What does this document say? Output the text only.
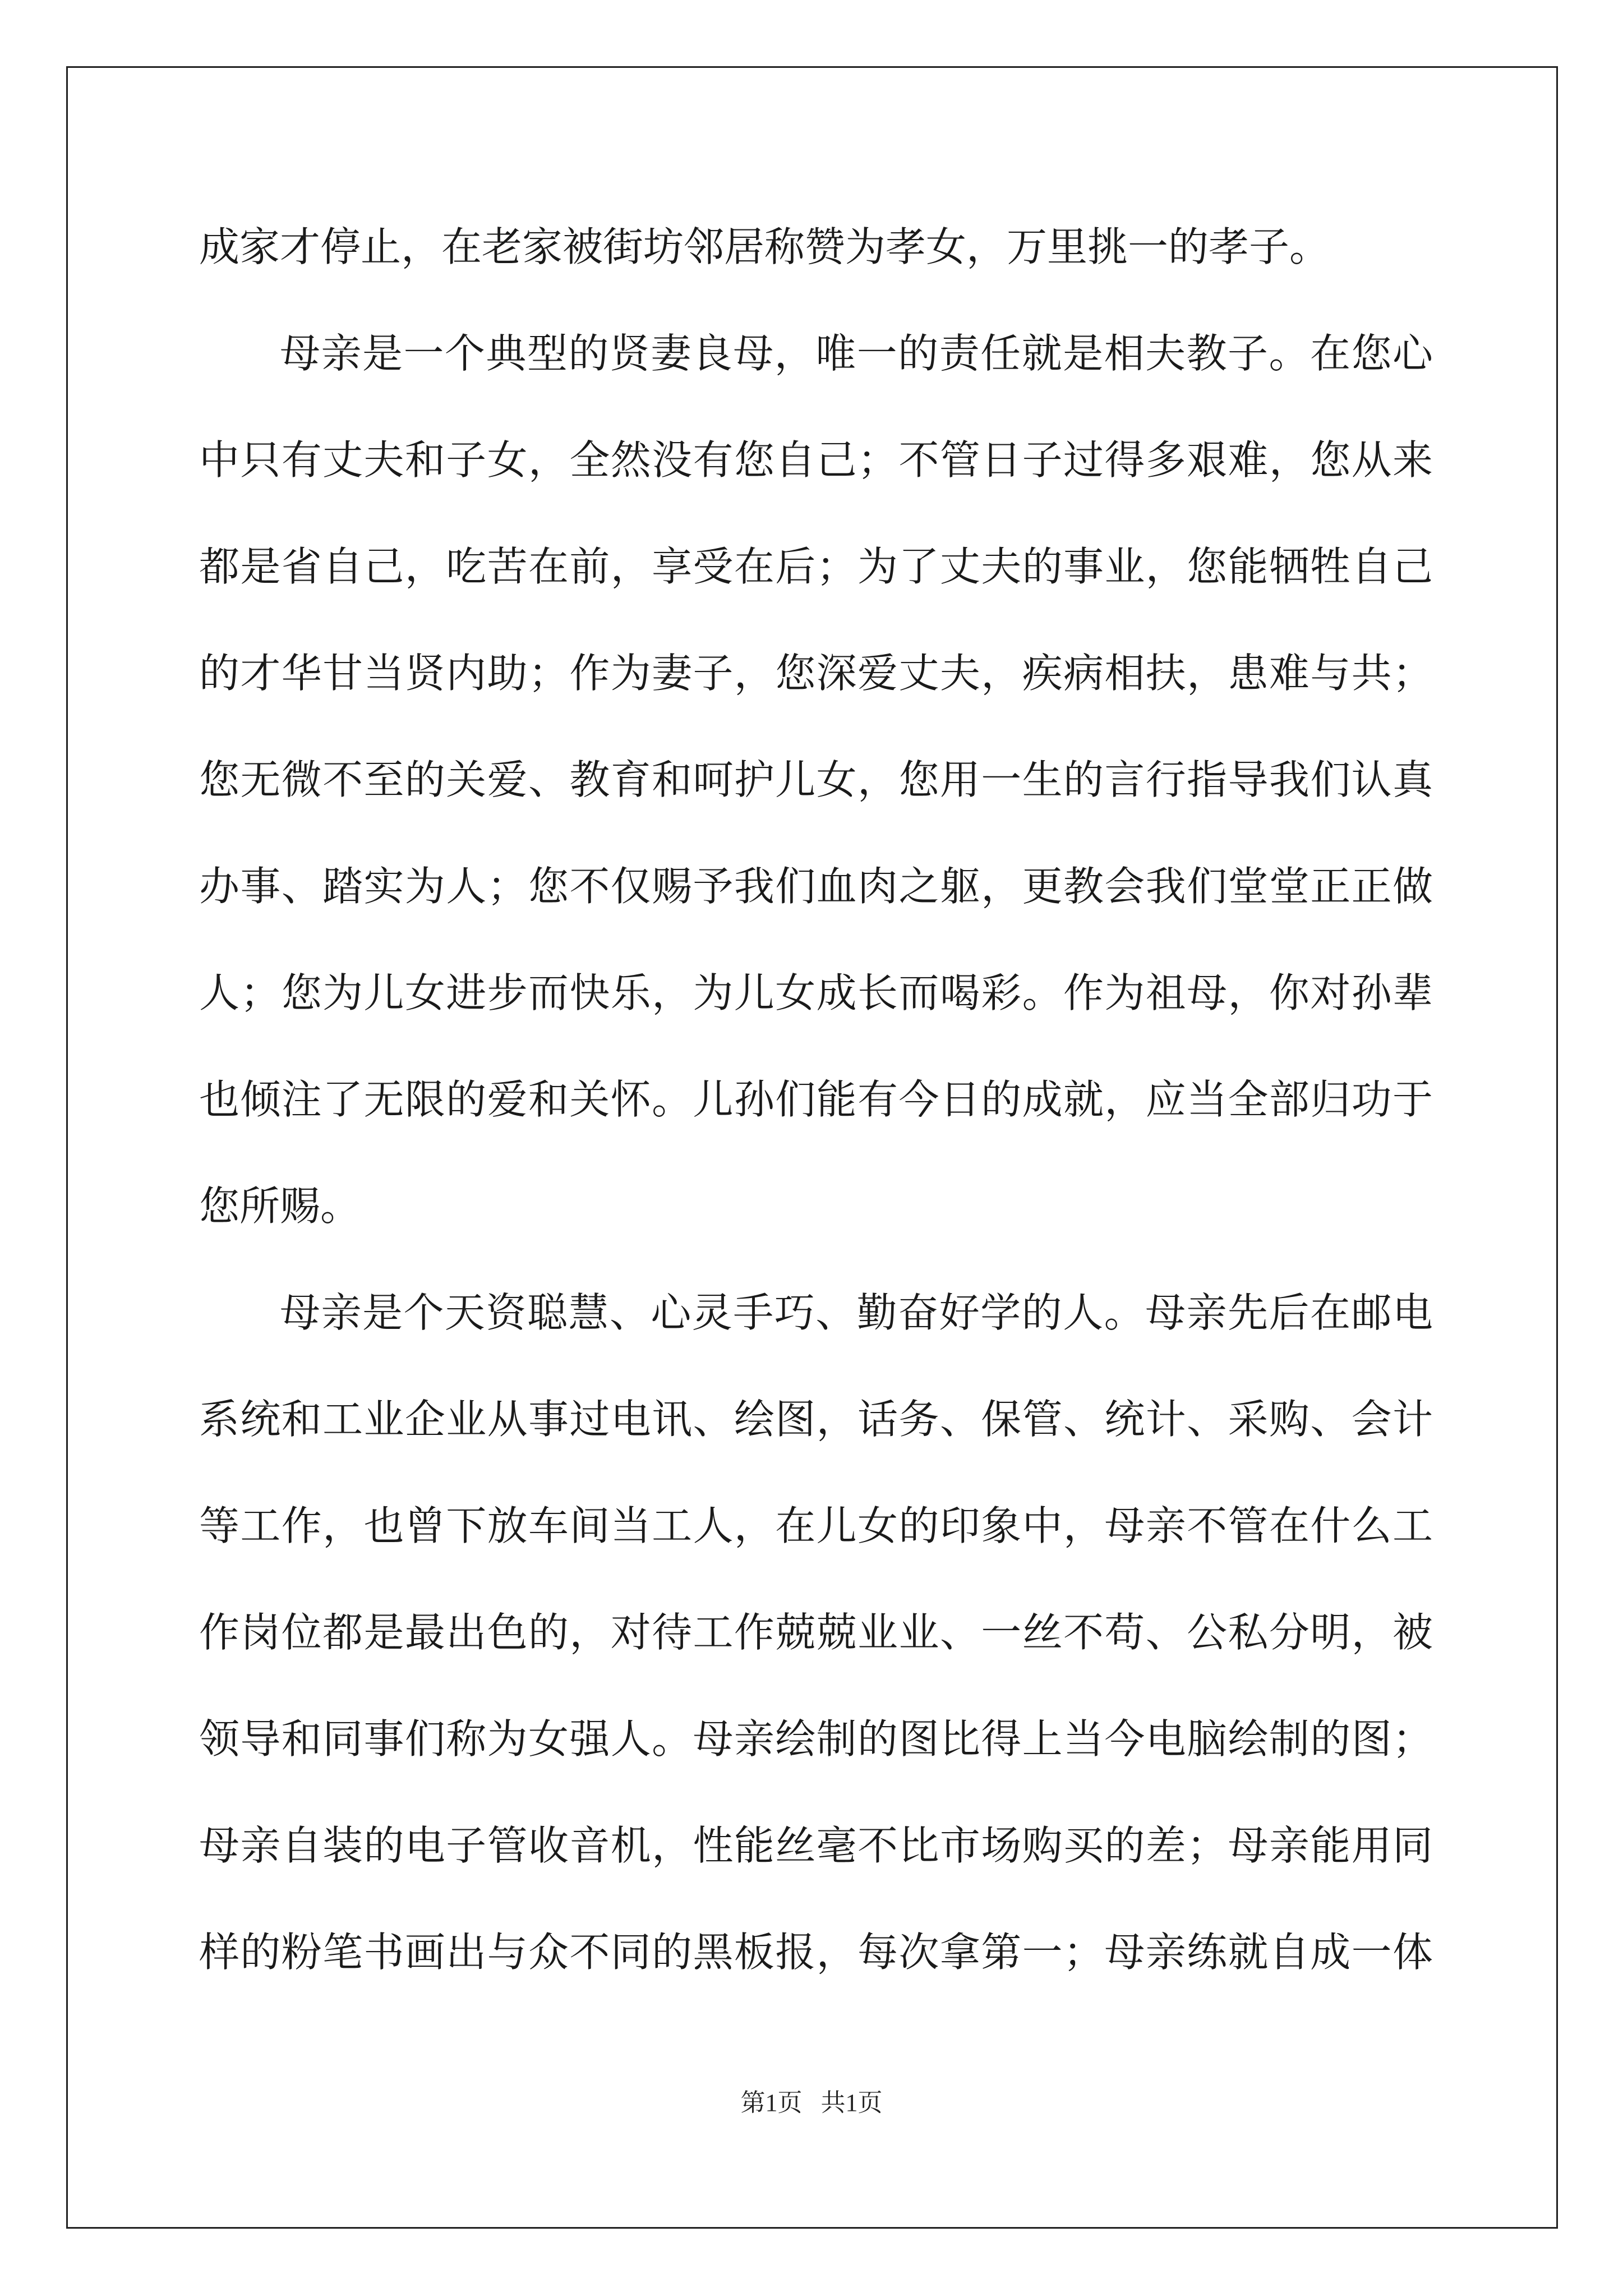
成家才停止，在老家被街坊邻居称赞为孝女，万里挑一的孝子。
母亲是一个典型的贤妻良母，唯一的责任就是相夫教子。在您心
中只有丈夫和子女，全然没有您自己；不管日子过得多艰难，您从来
都是省自己，吃苦在前，享受在后；为了丈夫的事业，您能牺牲自己
的才华甘当贤内助；作为妻子，您深爱丈夫，疾病相扶，患难与共；
您无微不至的关爱、教育和呵护儿女，您用一生的言行指导我们认真
办事、踏实为人；您不仅赐予我们血肉之躯，更教会我们堂堂正正做
人；您为儿女进步而快乐，为儿女成长而喝彩。作为祖母，你对孙辈
也倾注了无限的爱和关怀。儿孙们能有今日的成就，应当全部归功于
您所赐。
母亲是个天资聪慧、心灵手巧、勤奋好学的人。母亲先后在邮电
系统和工业企业从事过电讯、绘图，话务、保管、统计、采购、会计
等工作，也曾下放车间当工人，在儿女的印象中，母亲不管在什么工
作岗位都是最出色的，对待工作兢兢业业、一丝不苟、公私分明，被
领导和同事们称为女强人。母亲绘制的图比得上当今电脑绘制的图；
母亲自装的电子管收音机，性能丝毫不比市场购买的差；母亲能用同
样的粉笔书画出与众不同的黑板报，每次拿第一；母亲练就自成一体
第1页   共1页
